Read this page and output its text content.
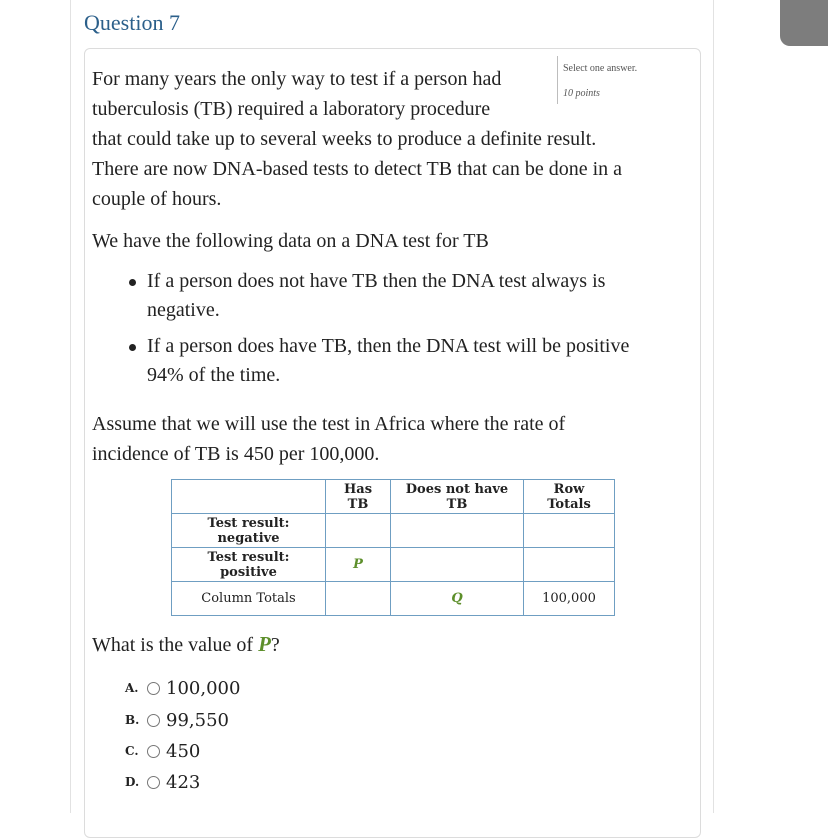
Question 7
Select one answer.
10 points
For many years the only way to test if a person had
tuberculosis (TB) required a laboratory procedure
that could take up to several weeks to produce a definite result.
There are now DNA-based tests to detect TB that can be done in a
couple of hours.
We have the following data on a DNA test for TB
If a person does not have TB then the DNA test always is
negative.
If a person does have TB, then the DNA test will be positive
94% of the time.
Assume that we will use the test in Africa where the rate of
incidence of TB is 450 per 100,000.
	Has TB	Does not have TB	Row Totals
Test result: negative			
Test result: positive	P		
Column Totals		Q	100,000
What is the value of P?
A.	100,000
B.	99,550
C.	450
D.	423
